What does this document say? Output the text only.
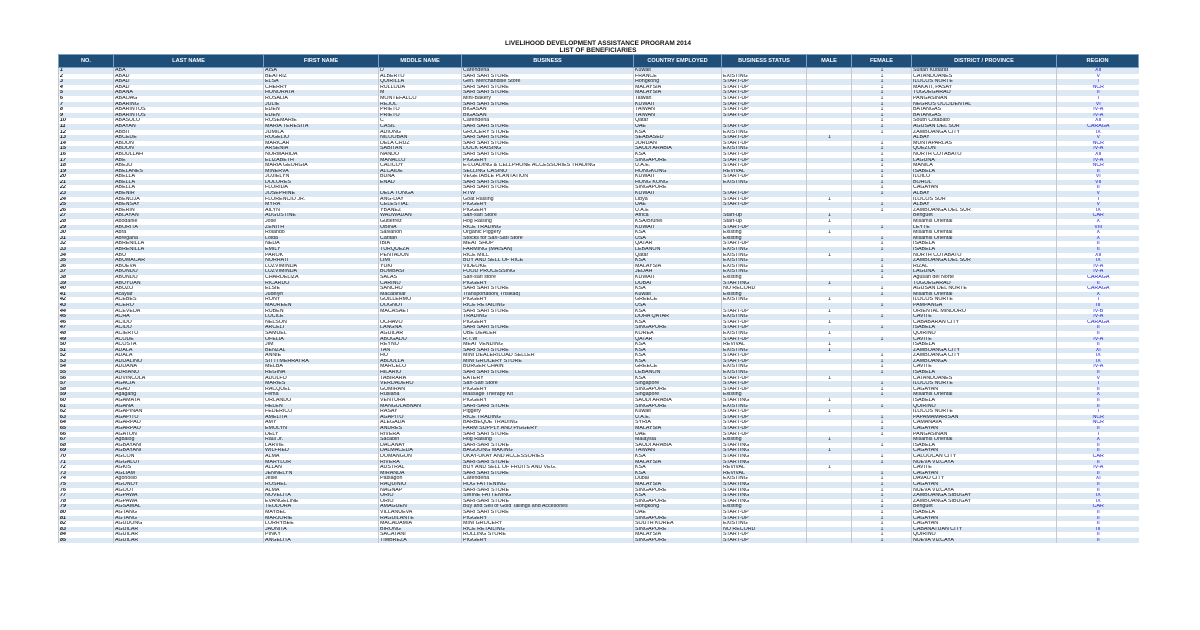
LIVELIHOOD DEVELOPMENT ASSISTANCE PROGRAM 2014
LIST OF BENEFICIARIES
NO.	LAST NAME	FIRST NAME	MIDDLE NAME	BUSINESS	COUNTRY EMPLOYED	BUSINESS STATUS	MALE	FEMALE	DISTRICT / PROVINCE	REGION
1	ABA	AISA	D	Carenderia	Kuwait			1	Sultan Kudarat	XII
2	ABAD	BEATRIZ	ALBERTO	SARI SARI STORE	FRANCE	EXISTING		1	CATANDUANES	V
3	ABAD	ELSA	QUIRILLA	Gen. Merchandise Store	Hongkong	START-UP		1	ILOCOS NORTE	I
4	ABAD	CHERRY	RULLODA	SARI SARI STORE	MALAYSIA	START-UP		1	MAKATI, PASAY	NCR
5	ABANA	HONORATA	M	SARI SARI STORE	MALAYSIA	START-UP		1	TUGUEGARAO	II
6	ABAOAG	ROSALIA	MONTEFALCO	Mini-Bakery	Taiwan	START-UP		1	PANGASINAN	I
7	ABARING	JULIE	REJOL	SARI SARI STORE	KUWAIT	START-UP		1	NEGROS OCCIDENTAL	VI
8	ABARINTOS	EDEN	PRIETO	BIGASAN	TAIWAN	START-UP		1	BATANGAS	IV-A
9	ABARINTOS	EDEN	PRIETO	BIGASAN	TAIWAN	START-UP		1	BATANGAS	IV-A
10	ABASULO	ROSEMARIE	C	Carenderia	Qatar			1	South Cotabato	XII
11	ABAYAN	MARIA TERESITA	CASIL	SARI SARI STORE	UAE	START-UP		1	AGUSAN DEL SUR	CARAGA
12	ABBIT	JUMILA	ADIONG	GROCERY STORE	KSA	EXISTING		1	ZAMBOANGA CITY	IX
13	ABCEDE	ROGELIO	NILOOBAN	SARI SARI STORE	SEABASED	START-UP	1		ALBAY	V
14	ABDON	MARICAR	DELA CRUZ	SARI SARI STORE	JORDAN	START-UP		1	MUNTAPARLAS	NCR
15	ABDON	ARSENIA	SABITAN	DUCK RAISING	SAUDI ARABIA	EXISTING		1	QUEZON	IV-A
16	ABDULLAH	NORMAHIDA	NANDO	SARI SARI STORE	KSA	START-UP		1	NORTH COTABATO	XII
17	ABE	ELIZABETH	MANALLO	PIGGERY	SINGAPORE	START-UP		1	LAGUNA	IV-A
18	ABEJO	MARIA GEORGIA	CALICOY	E-LOADING & CELLPHONE ACCESSORIES TRADING	U.A.E.	START-UP		1	MANILA	NCR
19	ABELANES	MINERVA	ALCAIDE	SELLING CASINO	HONGKONG	REVIVAL		1	ISABELA	II
20	ABELLA	JOJIELYN	BUNA	VEGETABLE PLANTATION	KUWAIT	START-UP		1	ILOILO	VI
21	ABELLA	DOLORES	ENAD	SARI SARI STORE	HONG KONG	EXISTING		1	BOHOL	VII
22	ABELLA	FLORIDA		SARI SARI STORE	SINGAPORE			1	CAGAYAN	II
23	ABENIR	JOSEPHINE	DELA TONGA	RTW	KUWAIT	START-UP		1	ALBAY	V
24	ABENOJA	FLORENCIO JR.	ANG-DAY	Goat Raising	Libya	START-UP	1		ILOCOS SUR	I
25	ABENSAY	MYRA	CELESTIAL	PIGGERY	UAE	START-UP		1	ALBAY	V
26	ABERIN	AILYN	YBANEZ	PIGGERY	U.A.E			1	ZAMBOANGA DEL SUR	IX
27	ABLAYAN	AUGUSTINE	WADWADAN	Sari-sari Store	Africa	Start-up	1		Benguet	CAR
28	Abodanie	Jose	Gutierrez	Hog Raising	KSA/Brunei	Start-up	1		Misamis Oriental	X
29	ABORITA	ZENITH	OBIÑA	RICE TRADING	KUWAIT	START-UP		1	LEYTE	VIII
30	Abra	Rolando	Salvanon	Organic Piggery	KSA	Existing	1		Misamis Oriental	X
31	Abregana	Loida	Caritan	Stocks for Sari-Sari Store	USA	Existing		1	Misamis Oriental	X
32	ABRENILLA	NEDA	IBIA	MEAT SHOP	QATAR	START-UP		1	ISABELA	II
33	ABRENILLA	EMILY	TURQUEZA	FARMING (MAISAN)	LEBANON	EXISTING		1	ISABELA	II
34	ABU	PAROK	PENTADUN	RICE MILL	Qatar	EXISTING	1		NORTH COTABATO	XII
35	ABUMACAR	NORHATI	LIMI	BUY AND SELL OF RICE	KSA	EXISTING		1	ZAMBOANGA DEL SUR	IX
36	ABUEVA	LUZVIMINDA	YUKI	VIDEOKE	MALAYSIA	EXISTING		1	RIZAL	IV-A
37	ABUNDO	LUZVIMINDA	BOMBASI	FOOD PROCESSING	JEDAH	EXISTING		1	LAGUNA	IV-A
38	ABUNDO	CHARDELIZA	SALAS	Sari-sari store	KUWAIT	Existing		1	Agusan del Norte	CARAGA
39	ABUYUAN	RICARDO	CARIÑO	PIGGERY	DUBAI	STARTING	1		TUGUEGARAO	II
40	ABUZO	ELSIE	SANCHO	SARI SARI STORE	KSA	NO RECORD		1	AGUSAN DEL NORTE	CARAGA
41	Acaylar	Judelyn	Macabinlar	Transportation( Trisikad)	Kuwait	Existing		1	Misamis Oriental	X
42	ACEBES	RONY	GUILLERMO	PIGGERY	GREECE	EXISTING	1		ILOCOS NORTE	I
43	ACERO	MAUREEN	DOGNOT	RICE RETAILING	USA			1	PAMPANGA	III
44	ACEVEDA	RUBEN	MACASAET	SARI SARI STORE	KSA	START-UP	1		ORIENTAL MINDORO	IV-B
45	ACHA	LUCILE		TRADING	DOHA QATAR	EXISTING		1	CAVITE	IV-A
46	ACIDO	NELSON	OCHAVO	PIGGERY	KSA	START-UP	1		CABABARAN CITY	CARAGA
47	ACIDO	ARCELI	LANGNA	SARI SARI STORE	SINGAPORE	START-UP		1	ISABELA	II
48	ACIERTO	SAMUEL	AGUILAR	UBE DEALER	KOREA	EXISTING	1		QUIRINO	II
49	ACODE	OFELIA	ABOGADO	R.T.W	QATAR	START-UP		1	CAVITE	IV-A
50	ACOSTA	JIM	REYNO	MEAT VENDING	KSA	REVIVAL	1		ISABELA	II
51	ADALA	BENZAL	TAN	SARI SARI STORE	KSA	EXISTING	1		ZAMBOANGA CITY	XI
52	ADALA	ANNIE	HO	MINI DEALER/LOAD SELLER	KSA	START-UP		1	ZAMBOANGA CITY	IX
53	ADDALINO	SITTI MEHRATRA	ABDULLA	MINI GROCERY STORE	KSA	START-UP		1	ZAMBOANGA	IX
54	ADDANA	MELBA	MARCELO	BURGER CHAIN	GREECE	EXISTING		1	CAVITE	IV-A
55	ADRIANO	REGINA	HILARIO	SARI SARI STORE	LEBANON	EXISTING		1	ISABELA	II
56	ADVINCULA	ADOLFO	TABIRARA	EATERY	KSA	START-UP	1		CATANDUANES	V
57	AGACIA	MARIES	VERDADERO	Sari-Sari Store	Singapore	START-UP		1	ILOCOS NORTE	I
58	AGAD	RACQUEL	GUMIRAN	PIGGERY	SINGAPORE	START-UP		1	CAGAYAN	II
59	Agagang	Fema	Rusiana	Massage Therapy Kit	Singapore	Existing		1	Misamis Oriental	X
60	AGAMATA	ORLANDO	VENTURA	PIGGERY	SAUDI ARABIA	STARTING	1		ISABELA	II
61	AGANA	HELEN	MANGULABNAN	SARI-SARI STORE	SINGAPORE	EXISTING		1	QUIRINO	II
62	AGAPINAN	FEDERICO	RASAY	Piggery	Kuwait	START-UP	1		ILOCOS NORTE	I
63	AGAPITO	AMELITA	AGAPITO	RICE TRADING	U.A.E.	START-UP		1	PAPAMAMARISAN	NCR
64	AGARPAO	AMY	ALEGADA	BARBEQUE TRADING	SYRIA	START-UP		1	CAMANAVA	NCR
65	AGARPAO	EMOLYN	ANDRES	FARM SUPPLY AND PIGGERY	MALAYSIA	START-UP		1	CAGAYAN	II
66	AGATON	DELY	RIVERA	SARI SARI STORE	UAE	START-UP		1	PANGASINAN	I
67	Agbalog	Raul Jr.	Sacabin	Hog Raising	Malaysia	Existing	1		Misamis Oriental	X
68	AGBAYANI	LARVIE	DACANAY	SARI-SARI STORE	SAUDI ARABIA	STARTING		1	ISABELA	II
69	AGBAYANI	WILFRED	DALMACEDA	BAGOONG MAKING	TAIWAN	STARTING	1		CAGAYAN	II
70	AGCON	ALMA	DOMANGON	UKAY-UKAY AND ACCESSORIES	KSA	STARTING		1	CALOOCAN CITY	CAR
71	AGGALUT	MARYLOR	RIVERA	SARI-SARI STORE	MALAYSIA	STARTING		1	NUEVA VIZCAYA	II
72	AGKIS	ALLAN	AUSTRAL	BUY AND SELL OF FRUITS AND VEG.	KSA	REVIVAL	1		CAVITE	IV-A
73	AGLIAM	JENNELYN	MIRANDA	SARI SARI STORE	KSA	REVIVAL		1	CAGAYAN	II
74	Agonoillo	Jesie	Pabiagon	Carenderia	Dubai	EXISTING		1	DAVAO CITY	XI
75	AGONOY	ROSHEL	RAQUINIO	HOG FATTENING	MALAYSIA	STARTING		1	CAGAYAN	II
76	AGOOT	ALMA	NAGNAP	SARI-SARI STORE	SINGAPORE	STARTING		1	NUEVA VIZCAYA	II
77	AGPAWA	NOVELITA	ORIO	SWINE FATTENING	KSA	STARTING		1	ZAMBOANGA SIBUGAY	IX
78	AGPAWA	EVANGELINE	ORIO	SARI-SARI STORE	SINGAPORE	STARTING		1	ZAMBOANGA SIBUGAY	IX
79	AGSAWAL	TEODORA	AMAGUEN	Buy and Sell of Gold Tailings and Accesories	Hongkong	Existing		1	Benguet	CAR
80	AGTANG	MAYBEL	VILLANUEVA	SARI SARI STORE	UAE	START-UP		1	ISABELA	II
81	AGTANG	MARJORIE	RAGUILANTE	PIGGERY	SINGAPORE	START-UP		1	CAGAYAN	II
82	AGUDONG	LORRYBEE	MACADAMIA	MINI GROCERY	SOUTH KOREA	EXISTING		1	CAGAYAN	II
83	AGUILAR	JAUNITA	BIRONG	RICE RETAILING	SINGAPORE	NO RECORD		1	CABANATUAN CITY	III
84	AGUILAR	PINKY	SACATANI	ROLLING STORE	MALAYSIA	START-UP		1	QUIRINO	II
85	AGUILAR	ANGELITA	TIMBREZA	PIGGERY	SINGAPORE	START-UP		1	NUEVA VIZCAYA	II
